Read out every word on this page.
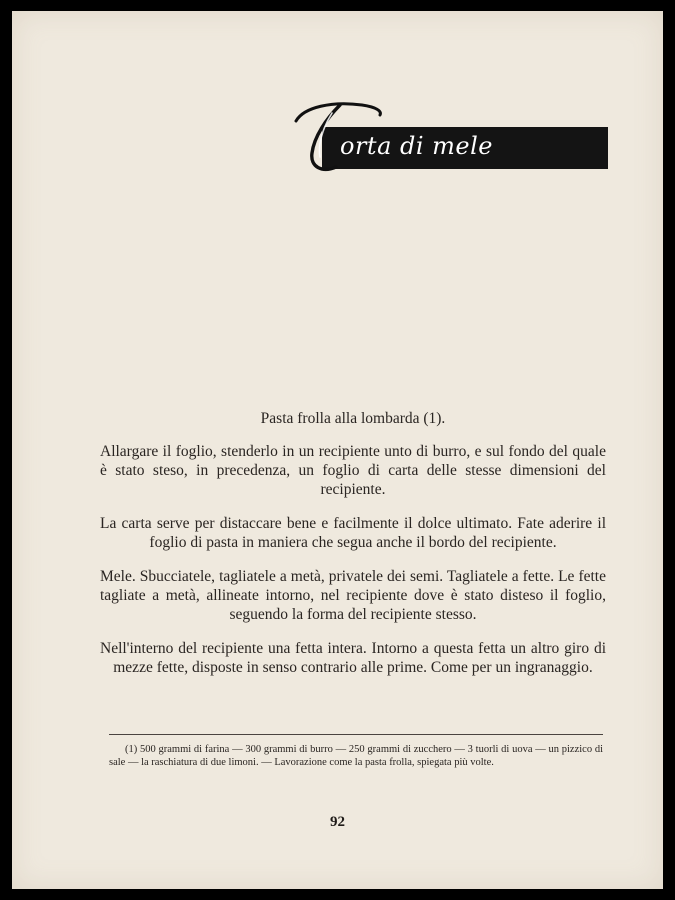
orta di mele

Pasta frolla alla lombarda (1).

Allargare il foglio, stenderlo in un recipiente unto di burro, e sul fondo del quale è stato steso, in precedenza, un foglio di carta delle stesse dimensioni del recipiente.

La carta serve per distaccare bene e facilmente il dolce ultimato. Fate aderire il foglio di pasta in maniera che segua anche il bordo del recipiente.

Mele. Sbucciatele, tagliatele a metà, privatele dei semi. Tagliatele a fette. Le fette tagliate a metà, allineate intorno, nel recipiente dove è stato disteso il foglio, seguendo la forma del recipiente stesso.

Nell'interno del recipiente una fetta intera. Intorno a questa fetta un altro giro di mezze fette, disposte in senso contrario alle prime. Come per un ingranaggio.

(1) 500 grammi di farina — 300 grammi di burro — 250 grammi di zucchero — 3 tuorli di uova — un pizzico di sale — la raschiatura di due limoni. — Lavorazione come la pasta frolla, spiegata più volte.

92
